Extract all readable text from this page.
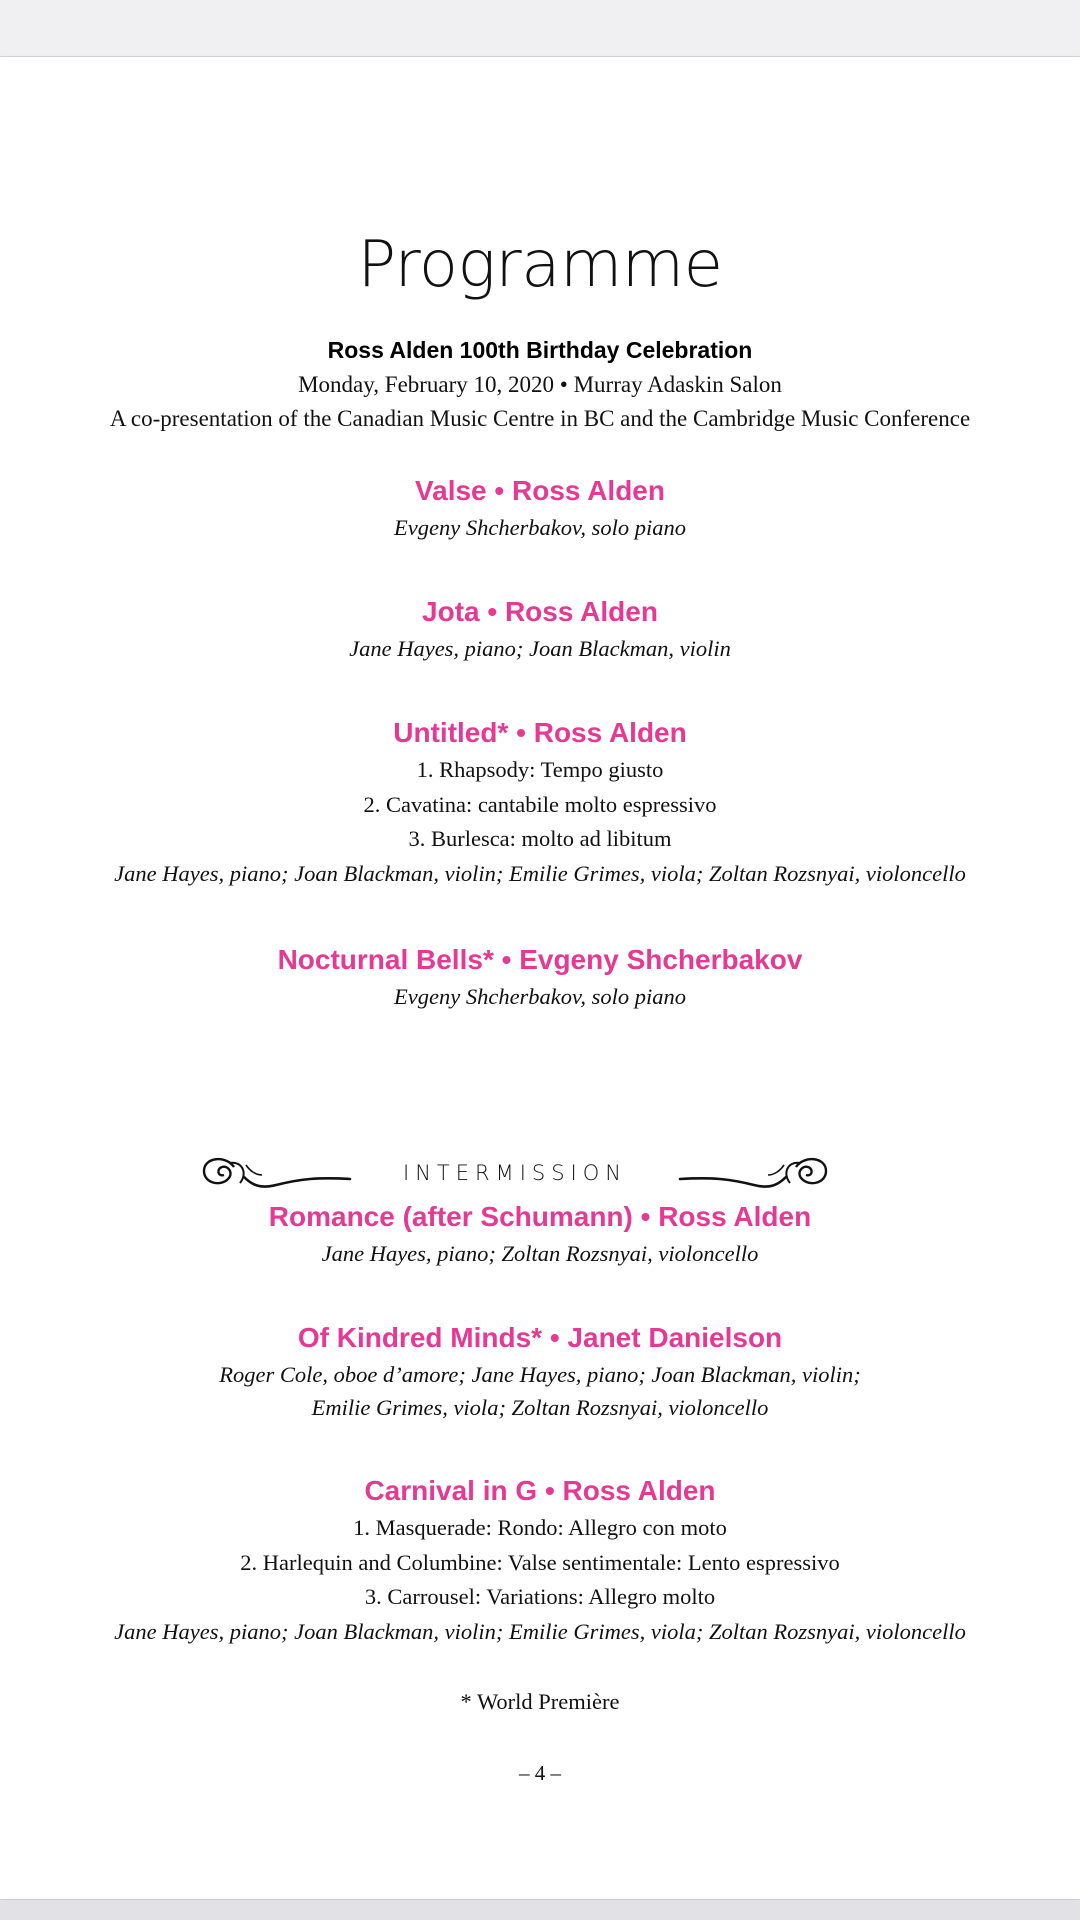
Programme
Ross Alden 100th Birthday Celebration
Monday, February 10, 2020 • Murray Adaskin Salon
A co-presentation of the Canadian Music Centre in BC and the Cambridge Music Conference
Valse • Ross Alden
Evgeny Shcherbakov, solo piano
Jota • Ross Alden
Jane Hayes, piano; Joan Blackman, violin
Untitled* • Ross Alden
1. Rhapsody: Tempo giusto
2. Cavatina: cantabile molto espressivo
3. Burlesca: molto ad libitum
Jane Hayes, piano; Joan Blackman, violin; Emilie Grimes, viola; Zoltan Rozsnyai, violoncello
Nocturnal Bells* • Evgeny Shcherbakov
Evgeny Shcherbakov, solo piano
INTERMISSION
Romance (after Schumann) • Ross Alden
Jane Hayes, piano; Zoltan Rozsnyai, violoncello
Of Kindred Minds* • Janet Danielson
Roger Cole, oboe d’amore; Jane Hayes, piano; Joan Blackman, violin;
Emilie Grimes, viola; Zoltan Rozsnyai, violoncello
Carnival in G • Ross Alden
1. Masquerade: Rondo: Allegro con moto
2. Harlequin and Columbine: Valse sentimentale: Lento espressivo
3. Carrousel: Variations: Allegro molto
Jane Hayes, piano; Joan Blackman, violin; Emilie Grimes, viola; Zoltan Rozsnyai, violoncello
* World Première
– 4 –
